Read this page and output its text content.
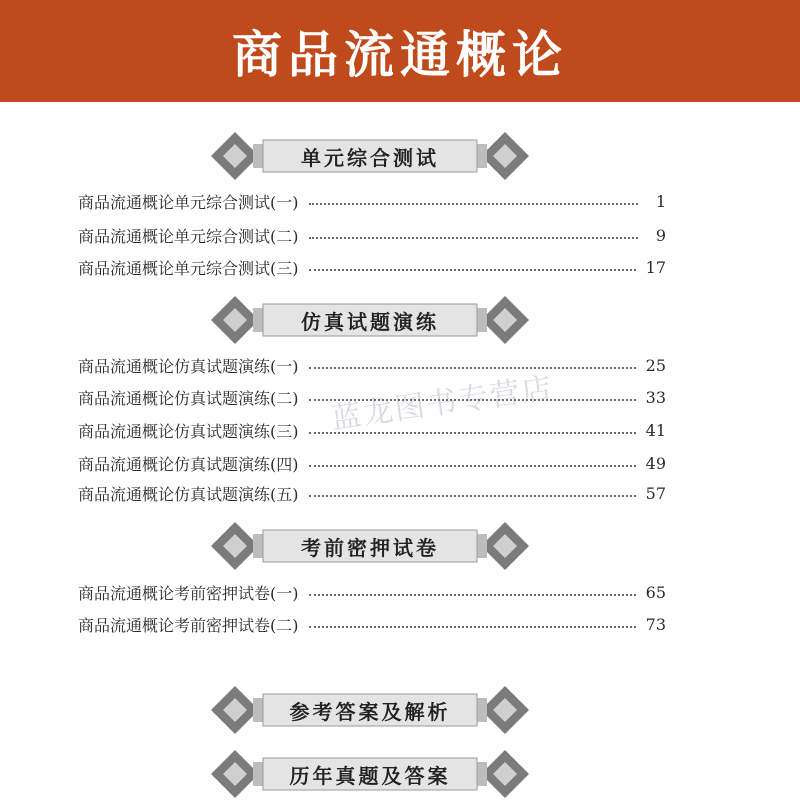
商品流通概论
单元综合测试
仿真试题演练
考前密押试卷
参考答案及解析
历年真题及答案
商品流通概论单元综合测试(一)	1
商品流通概论单元综合测试(二)	9
商品流通概论单元综合测试(三)	17
商品流通概论仿真试题演练(一)	25
商品流通概论仿真试题演练(二)	33
商品流通概论仿真试题演练(三)	41
商品流通概论仿真试题演练(四)	49
商品流通概论仿真试题演练(五)	57
商品流通概论考前密押试卷(一)	65
商品流通概论考前密押试卷(二)	73
蓝龙图书专营店
